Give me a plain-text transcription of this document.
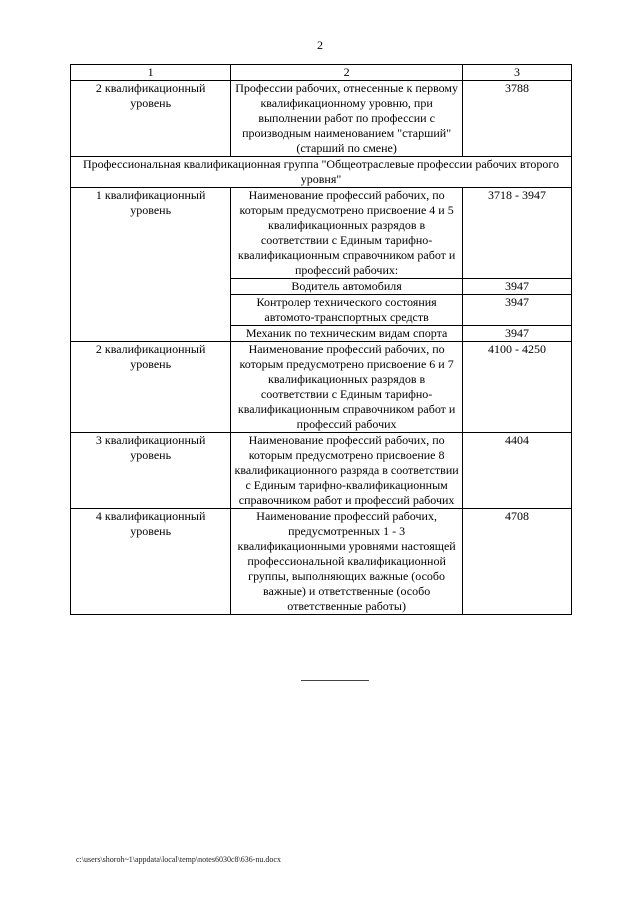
2
1	2	3
2 квалификационный уровень	Профессии рабочих, отнесенные к первому квалификационному уровню, при выполнении работ по профессии с производным наименованием "старший" (старший по смене)	3788
Профессиональная квалификационная группа "Общеотраслевые профессии рабочих второго уровня"		
1 квалификационный уровень	Наименование профессий рабочих, по которым предусмотрено присвоение 4 и 5 квалификационных разрядов в соответствии с Единым тарифно-квалификационным справочником работ и профессий рабочих:	3718 - 3947
	Водитель автомобиля	3947
	Контролер технического состояния автомото-транспортных средств	3947
	Механик по техническим видам спорта	3947
2 квалификационный уровень	Наименование профессий рабочих, по которым предусмотрено присвоение 6 и 7 квалификационных разрядов в соответствии с Единым тарифно-квалификационным справочником работ и профессий рабочих	4100 - 4250
3 квалификационный уровень	Наименование профессий рабочих, по которым предусмотрено присвоение 8 квалификационного разряда в соответствии с Единым тарифно-квалификационным справочником работ и профессий рабочих	4404
4 квалификационный уровень	Наименование профессий рабочих, предусмотренных 1 - 3 квалификационными уровнями настоящей профессиональной квалификационной группы, выполняющих важные (особо важные) и ответственные (особо ответственные работы)	4708
c:\users\shoroh~1\appdata\local\temp\notes6030c8\636-nu.docx
